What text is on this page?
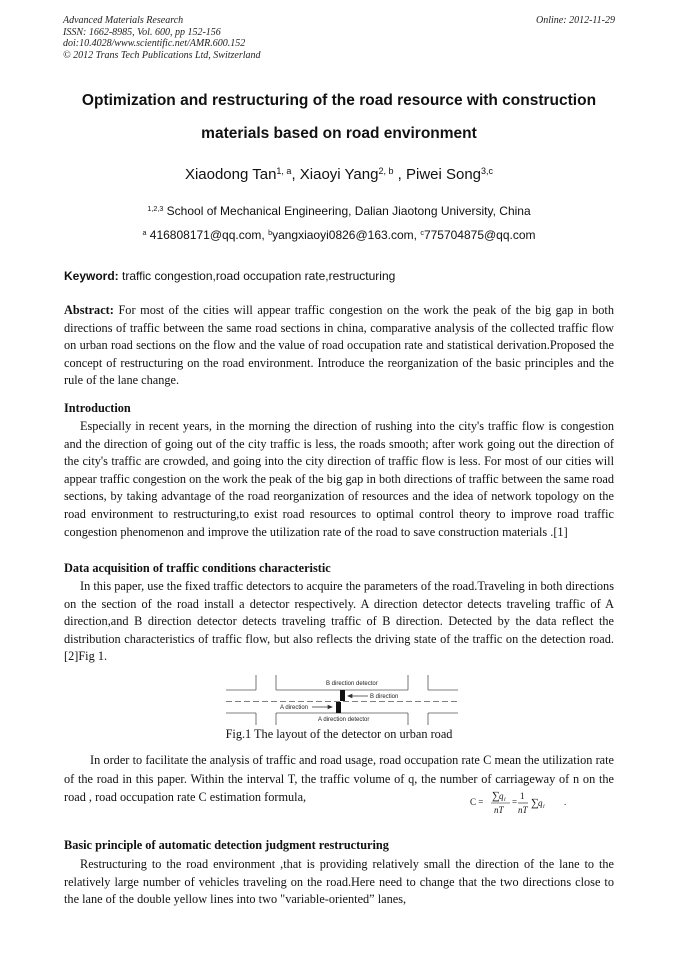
Advanced Materials Research
ISSN: 1662-8985, Vol. 600, pp 152-156
doi:10.4028/www.scientific.net/AMR.600.152
© 2012 Trans Tech Publications Ltd, Switzerland
Online: 2012-11-29
Optimization and restructuring of the road resource with construction
materials based on road environment
Xiaodong Tan$^{1, a}$, Xiaoyi Yang$^{2, b}$ , Piwei Song$^{3,c}$
$^{1,2,3}$ School of Mechanical Engineering, Dalian Jiaotong University, China
$^a$ 416808171@qq.com, $^b$yangxiaoyi0826@163.com, $^c$775704875@qq.com
Keyword: traffic congestion,road occupation rate,restructuring

Abstract: For most of the cities will appear traffic congestion on the work the peak of the big gap in both directions of traffic between the same road sections in china, comparative analysis of the collected traffic flow on urban road sections on the flow and the value of road occupation rate and statistical derivation.Proposed the concept of restructuring on the road environment. Introduce the reorganization of the basic principles and the rule of the lane change.

Introduction

Especially in recent years, in the morning the direction of rushing into the city's traffic flow is congestion and the direction of going out of the city traffic is less, the roads smooth; after work going out the direction of the city's traffic are crowded, and going into the city direction of traffic flow is less. For most of our cities will appear traffic congestion on the work the peak of the big gap in both directions of traffic between the same road sections, by taking advantage of the road reorganization of resources and the idea of network topology on the road environment to restructuring,to exist road resources to optimal control theory to improve road traffic congestion phenomenon and improve the utilization rate of the road to save construction materials .[1]

Data acquisition of traffic conditions characteristic

In this paper, use the fixed traffic detectors to acquire the parameters of the road.Traveling in both directions on the section of the road install a detector respectively. A direction detector detects traveling traffic of A direction,and B direction detector detects traveling traffic of B direction. Detected by the data reflect the distribution characteristics of traffic flow, but also reflects the driving state of the traffic on the detection road. [2]Fig 1.

B direction detector
B direction
A direction
A direction detector
Fig.1 The layout of the detector on urban road

In order to facilitate the analysis of traffic and road usage, road occupation rate C mean the utilization rate of the road in this paper. Within the interval T, the traffic volume of q, the number of carriageway of n on the road , road occupation rate C estimation formula,	C = ∑ q i
nT
=
1
nT
∑ q i .
Basic principle of automatic detection judgment restructuring

Restructuring to the road environment ,that is providing relatively small the direction of the lane to the relatively large number of vehicles traveling on the road.Here need to change that the two directions close to the lane of the double yellow lines into two "variable-oriented” lanes,
